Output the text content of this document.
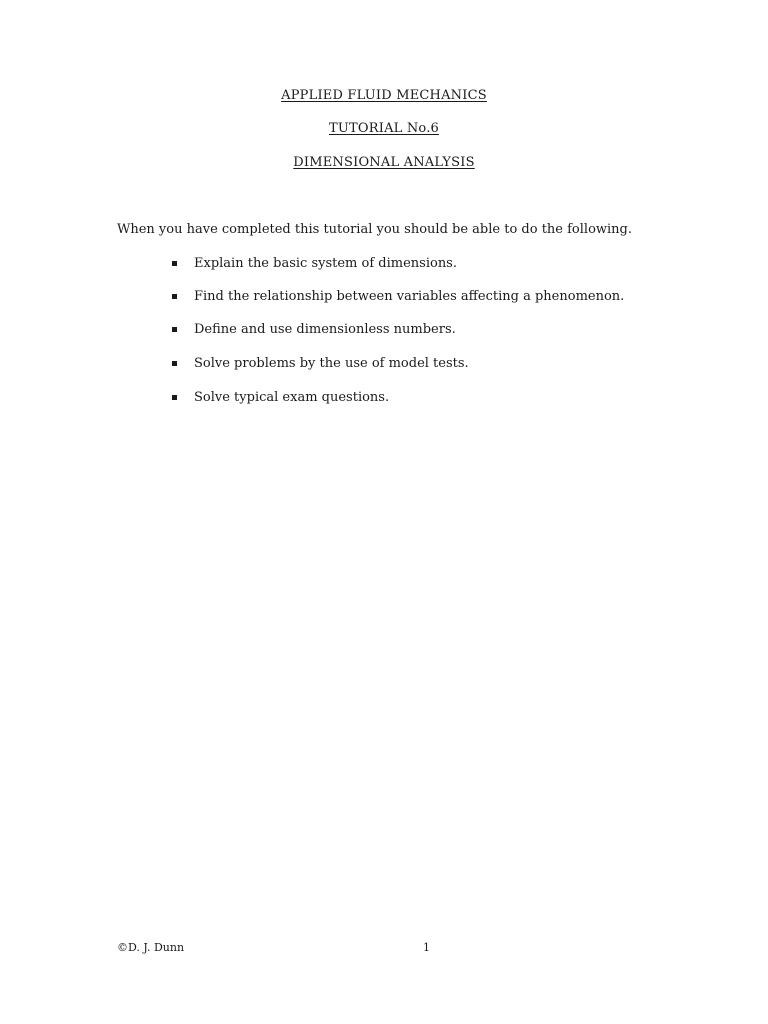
APPLIED FLUID MECHANICS
TUTORIAL No.6
DIMENSIONAL ANALYSIS
When you have completed this tutorial you should be able to do the following.
Explain the basic system of dimensions.
Find the relationship between variables affecting a phenomenon.
Define and use dimensionless numbers.
Solve problems by the use of model tests.
Solve typical exam questions.
©D. J. Dunn	1
